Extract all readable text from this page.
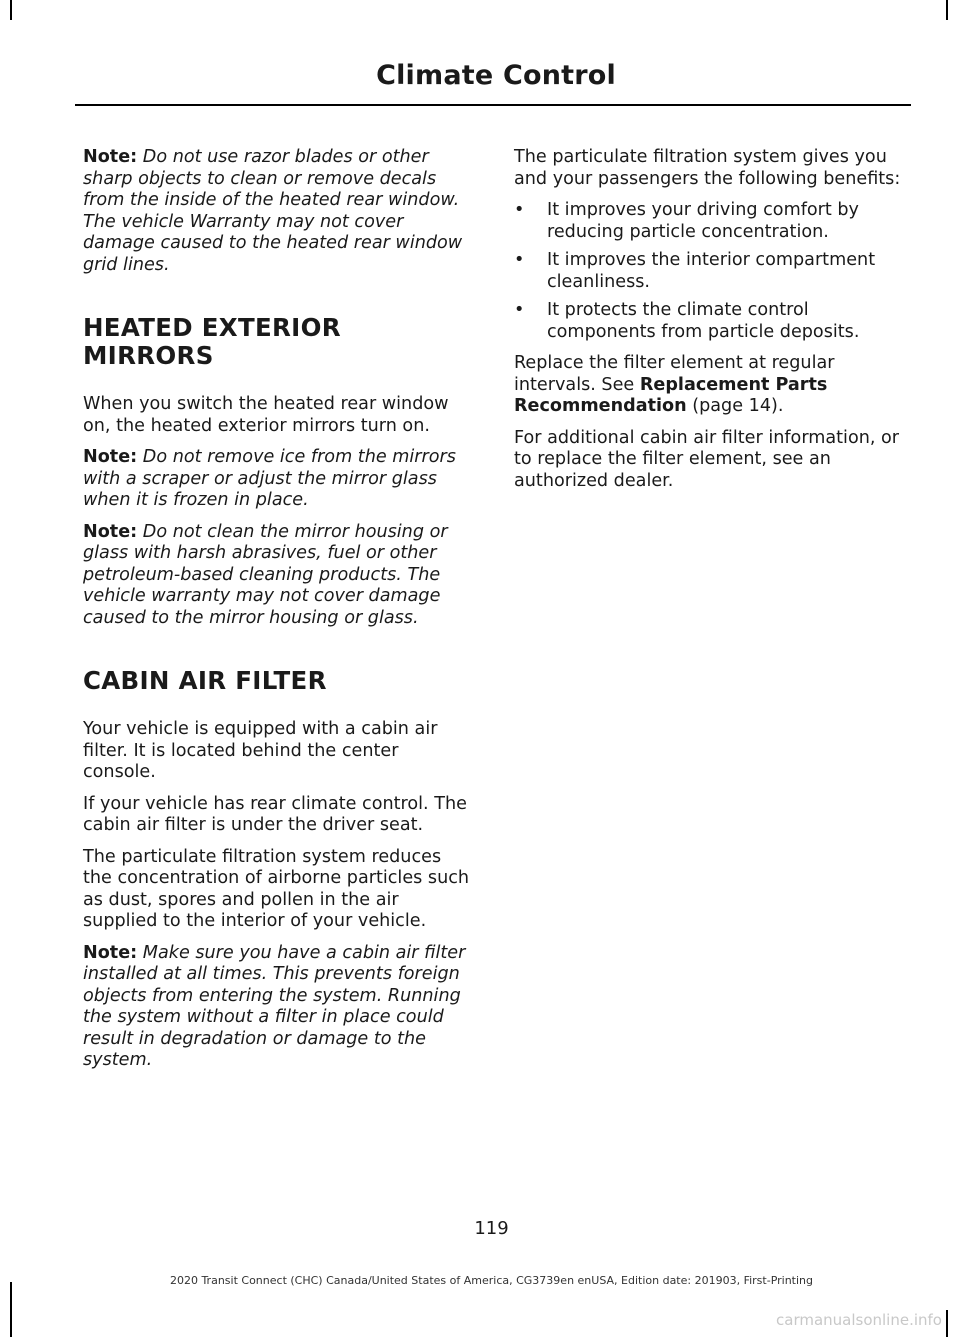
Climate Control

Note: Do not use razor blades or other sharp objects to clean or remove decals from the inside of the heated rear window. The vehicle Warranty may not cover damage caused to the heated rear window grid lines.

HEATED EXTERIOR MIRRORS

When you switch the heated rear window on, the heated exterior mirrors turn on.

Note: Do not remove ice from the mirrors with a scraper or adjust the mirror glass when it is frozen in place.

Note: Do not clean the mirror housing or glass with harsh abrasives, fuel or other petroleum-based cleaning products. The vehicle warranty may not cover damage caused to the mirror housing or glass.

CABIN AIR FILTER

Your vehicle is equipped with a cabin air filter. It is located behind the center console.

If your vehicle has rear climate control. The cabin air filter is under the driver seat.

The particulate filtration system reduces the concentration of airborne particles such as dust, spores and pollen in the air supplied to the interior of your vehicle.

Note: Make sure you have a cabin air filter installed at all times. This prevents foreign objects from entering the system. Running the system without a filter in place could result in degradation or damage to the system.

The particulate filtration system gives you and your passengers the following benefits:

• It improves your driving comfort by reducing particle concentration.
• It improves the interior compartment cleanliness.
• It protects the climate control components from particle deposits.

Replace the filter element at regular intervals. See Replacement Parts Recommendation (page 14).

For additional cabin air filter information, or to replace the filter element, see an authorized dealer.

119
2020 Transit Connect (CHC) Canada/United States of America, CG3739en enUSA, Edition date: 201903, First-Printing
carmanualsonline.info
